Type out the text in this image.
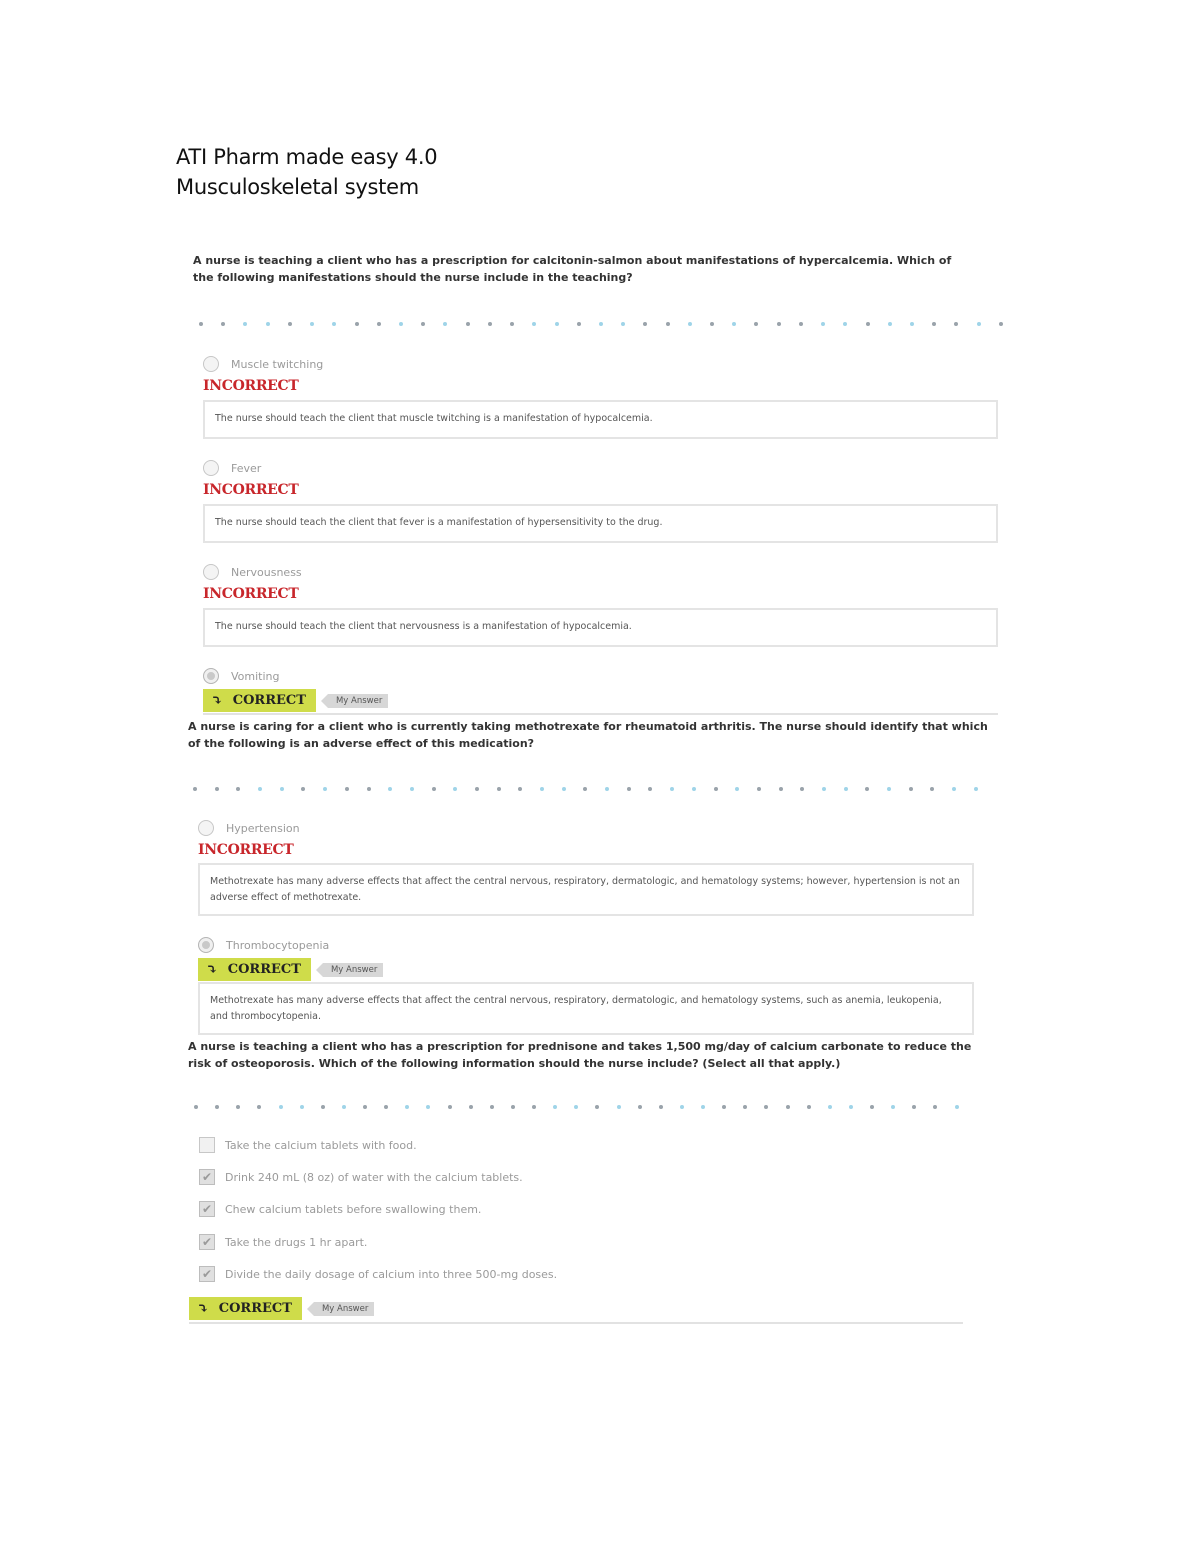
ATI Pharm made easy 4.0
Musculoskeletal system
A nurse is teaching a client who has a prescription for calcitonin-salmon about manifestations of hypercalcemia. Which of the following manifestations should the nurse include in the teaching?
Muscle twitching
INCORRECT
The nurse should teach the client that muscle twitching is a manifestation of hypocalcemia.
Fever
INCORRECT
The nurse should teach the client that fever is a manifestation of hypersensitivity to the drug.
Nervousness
INCORRECT
The nurse should teach the client that nervousness is a manifestation of hypocalcemia.
Vomiting
⤵ CORRECT	My Answer
A nurse is caring for a client who is currently taking methotrexate for rheumatoid arthritis. The nurse should identify that which of the following is an adverse effect of this medication?
Hypertension
INCORRECT
Methotrexate has many adverse effects that affect the central nervous, respiratory, dermatologic, and hematology systems; however, hypertension is not an adverse effect of methotrexate.
Thrombocytopenia
⤵ CORRECT	My Answer
Methotrexate has many adverse effects that affect the central nervous, respiratory, dermatologic, and hematology systems, such as anemia, leukopenia, and thrombocytopenia.
A nurse is teaching a client who has a prescription for prednisone and takes 1,500 mg/day of calcium carbonate to reduce the risk of osteoporosis. Which of the following information should the nurse include? (Select all that apply.)
Take the calcium tablets with food.
✔ Drink 240 mL (8 oz) of water with the calcium tablets.
✔ Chew calcium tablets before swallowing them.
✔ Take the drugs 1 hr apart.
✔ Divide the daily dosage of calcium into three 500-mg doses.
⤵ CORRECT	My Answer
